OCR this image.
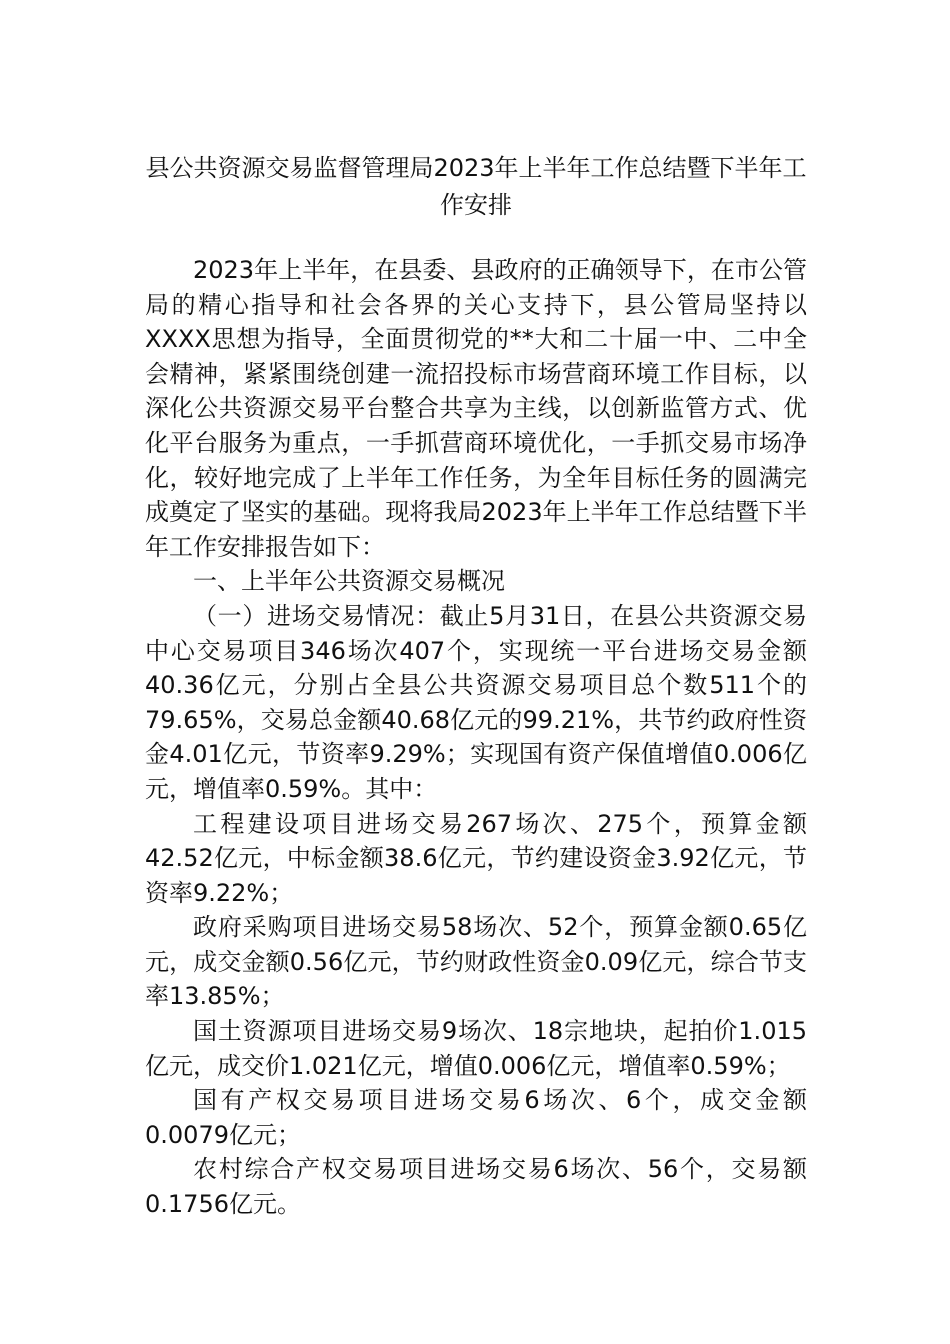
县公共资源交易监督管理局2023年上半年工作总结暨下半年工作安排

2023年上半年，在县委、县政府的正确领导下，在市公管局的精心指导和社会各界的关心支持下，县公管局坚持以XXXX思想为指导，全面贯彻党的**大和二十届一中、二中全会精神，紧紧围绕创建一流招投标市场营商环境工作目标，以深化公共资源交易平台整合共享为主线，以创新监管方式、优化平台服务为重点，一手抓营商环境优化，一手抓交易市场净化，较好地完成了上半年工作任务，为全年目标任务的圆满完成奠定了坚实的基础。现将我局2023年上半年工作总结暨下半年工作安排报告如下：

一、上半年公共资源交易概况

（一）进场交易情况：截止5月31日，在县公共资源交易中心交易项目346场次407个，实现统一平台进场交易金额40.36亿元，分别占全县公共资源交易项目总个数511个的79.65%，交易总金额40.68亿元的99.21%，共节约政府性资金4.01亿元，节资率9.29%；实现国有资产保值增值0.006亿元，增值率0.59%。其中：

工程建设项目进场交易267场次、275个，预算金额42.52亿元，中标金额38.6亿元，节约建设资金3.92亿元，节资率9.22%；

政府采购项目进场交易58场次、52个，预算金额0.65亿元，成交金额0.56亿元，节约财政性资金0.09亿元，综合节支率13.85%；

国土资源项目进场交易9场次、18宗地块，起拍价1.015亿元，成交价1.021亿元，增值0.006亿元，增值率0.59%；

国有产权交易项目进场交易6场次、6个，成交金额0.0079亿元；

农村综合产权交易项目进场交易6场次、56个，交易额0.1756亿元。
